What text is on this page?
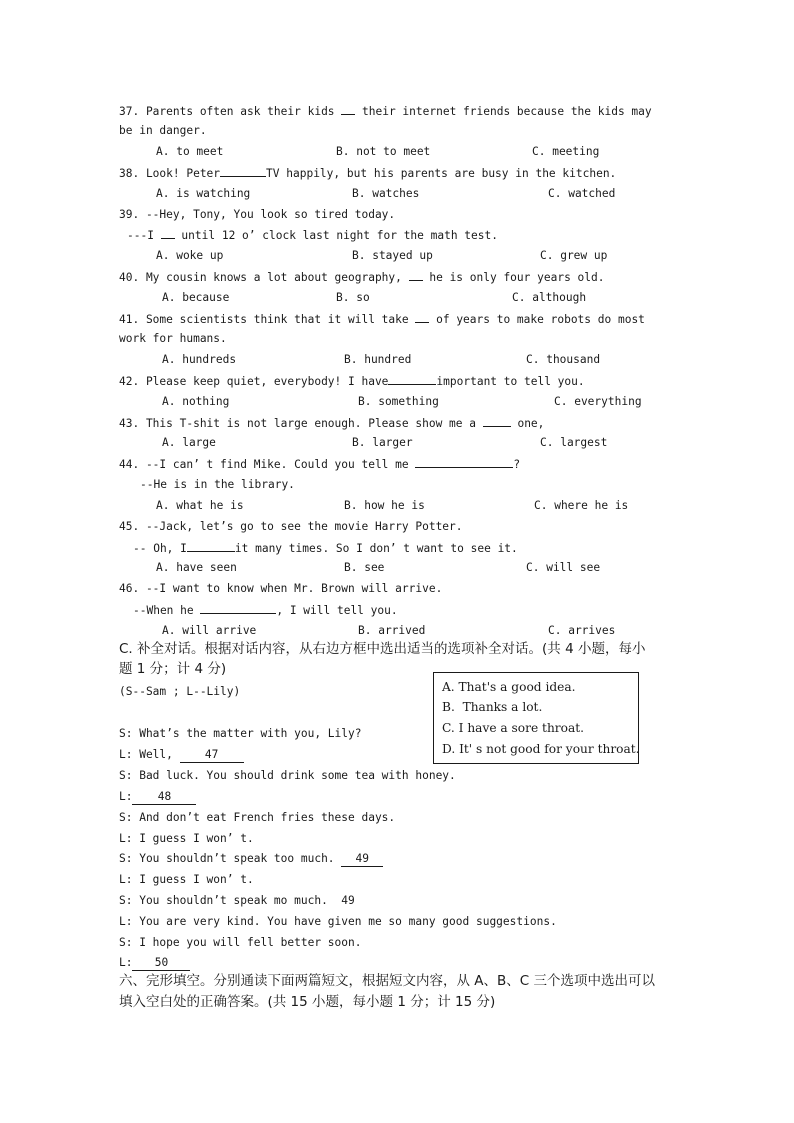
37. Parents often ask their kids  their internet friends because the kids may
be in danger.
A. to meet	B. not to meet	C. meeting
38. Look! Peter	TV happily, but his parents are busy in the kitchen.
A. is watching	B. watches	C. watched
39. --Hey, Tony, You look so tired today.
---I  until 12 o’ clock last night for the math test.
A. woke up	B. stayed up	C. grew up
40. My cousin knows a lot about geography,  he is only four years old.
A. because	B. so	C. although
41. Some scientists think that it will take  of years to make robots do most
work for humans.
A. hundreds	B. hundred	C. thousand
42. Please keep quiet, everybody! I have	important to tell you.
A. nothing	B. something	C. everything
43. This T-shit is not large enough. Please show me a	one,
A. large	B. larger	C. largest
44. --I can’ t find Mike. Could you tell me	?
--He is in the library.
A. what he is	B. how he is	C. where he is
45. --Jack, let’s go to see the movie Harry Potter.
-- Oh, I	it many times. So I don’ t want to see it.
A. have seen	B. see	C. will see
46. --I want to know when Mr. Brown will arrive.
--When he	, I will tell you.
A. will arrive	B. arrived	C. arrives
C. 补全对话。根据对话内容，从右边方框中选出适当的选项补全对话。(共 4 小题，每小
题 1 分；计 4 分)
(S--Sam ; L--Lily)	A. That's a good idea.
B.  Thanks a lot.
C. I have a sore throat.
D. It' s not good for your throat.
S: What’s the matter with you, Lily?
L: Well, 47
S: Bad luck. You should drink some tea with honey.
L: 48
S: And don’t eat French fries these days.
L: I guess I won’ t.
S: You shouldn’t speak too much. 49
L: I guess I won’ t.
S: You shouldn’t speak mo much.  49
L: You are very kind. You have given me so many good suggestions.
S: I hope you will fell better soon.
L: 50
六、完形填空。分别通读下面两篇短文，根据短文内容，从 A、B、C 三个选项中选出可以
填入空白处的正确答案。(共 15 小题，每小题 1 分；计 15 分)
